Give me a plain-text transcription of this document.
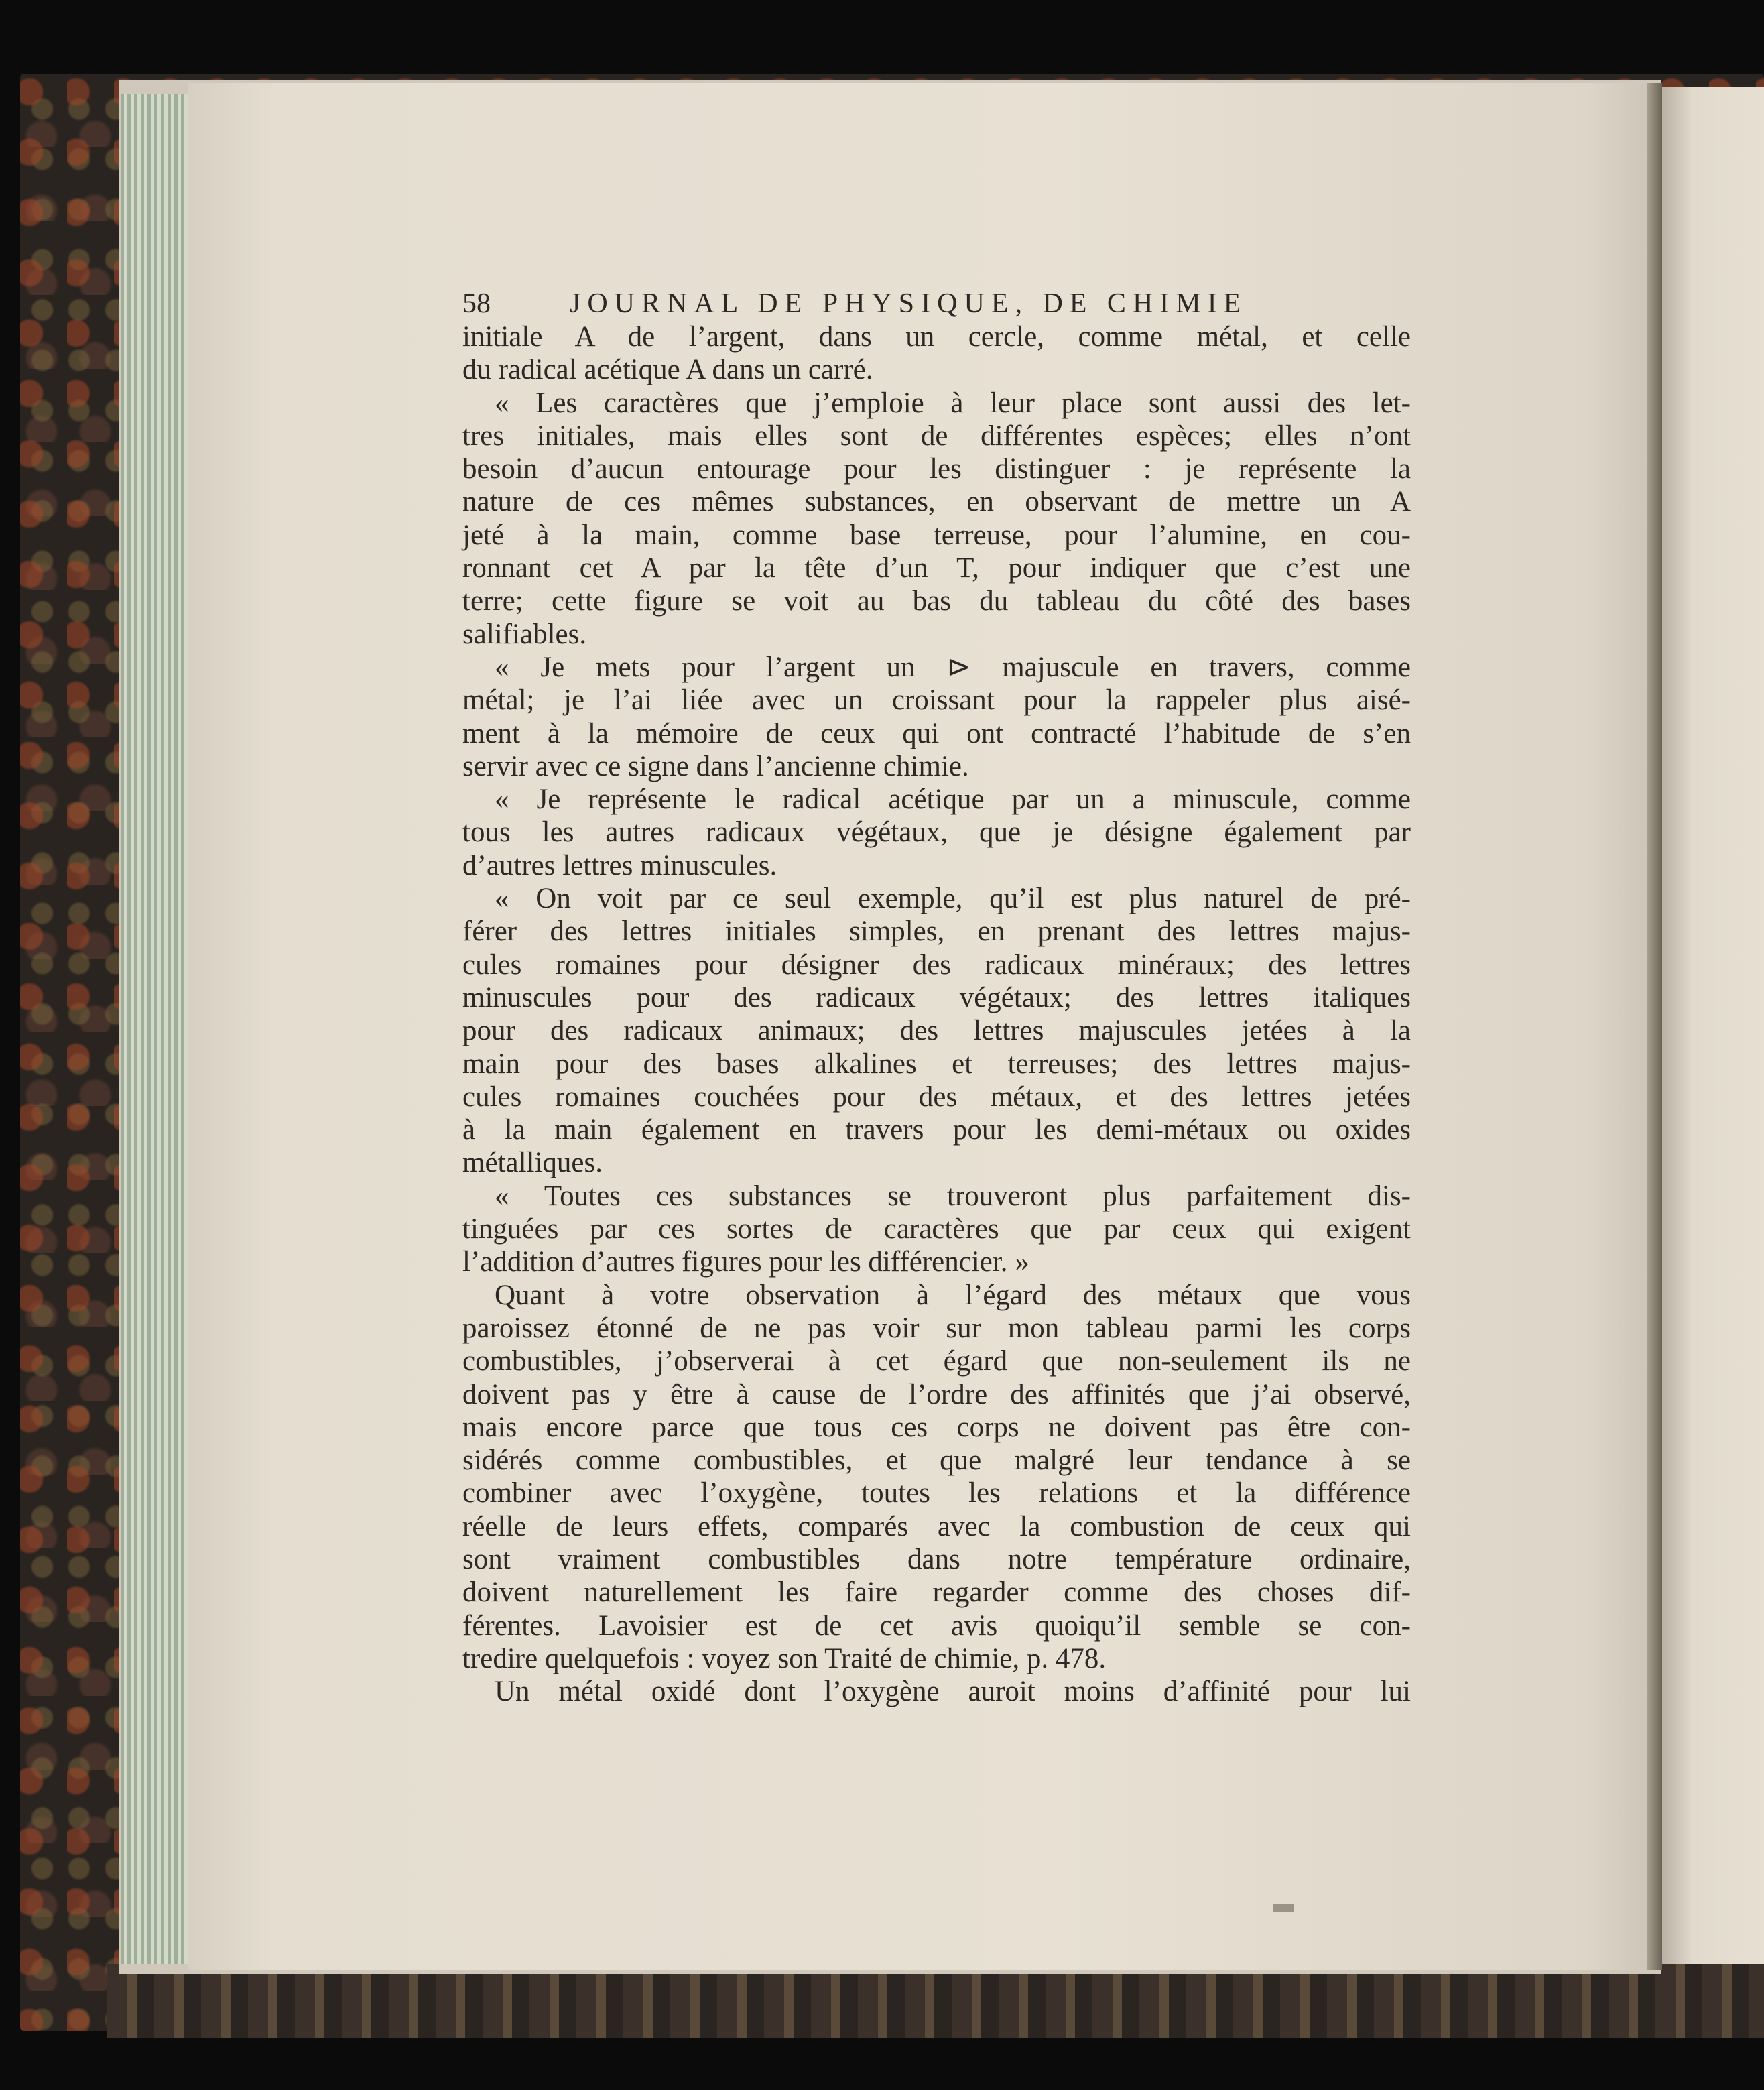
58	JOURNAL DE PHYSIQUE, DE CHIMIE
initiale A de l’argent, dans un cercle, comme métal, et celle
du radical acétique A dans un carré.
« Les caractères que j’emploie à leur place sont aussi des let-
tres initiales, mais elles sont de différentes espèces; elles n’ont
besoin d’aucun entourage pour les distinguer : je représente la
nature de ces mêmes substances, en observant de mettre un A
jeté à la main, comme base terreuse, pour l’alumine, en cou-
ronnant cet A par la tête d’un T, pour indiquer que c’est une
terre; cette figure se voit au bas du tableau du côté des bases
salifiables.
« Je mets pour l’argent un ⊳ majuscule en travers, comme
métal; je l’ai liée avec un croissant pour la rappeler plus aisé-
ment à la mémoire de ceux qui ont contracté l’habitude de s’en
servir avec ce signe dans l’ancienne chimie.
« Je représente le radical acétique par un a minuscule, comme
tous les autres radicaux végétaux, que je désigne également par
d’autres lettres minuscules.
« On voit par ce seul exemple, qu’il est plus naturel de pré-
férer des lettres initiales simples, en prenant des lettres majus-
cules romaines pour désigner des radicaux minéraux; des lettres
minuscules pour des radicaux végétaux; des lettres italiques
pour des radicaux animaux; des lettres majuscules jetées à la
main pour des bases alkalines et terreuses; des lettres majus-
cules romaines couchées pour des métaux, et des lettres jetées
à la main également en travers pour les demi-métaux ou oxides
métalliques.
« Toutes ces substances se trouveront plus parfaitement dis-
tinguées par ces sortes de caractères que par ceux qui exigent
l’addition d’autres figures pour les différencier. »
Quant à votre observation à l’égard des métaux que vous
paroissez étonné de ne pas voir sur mon tableau parmi les corps
combustibles, j’observerai à cet égard que non-seulement ils ne
doivent pas y être à cause de l’ordre des affinités que j’ai observé,
mais encore parce que tous ces corps ne doivent pas être con-
sidérés comme combustibles, et que malgré leur tendance à se
combiner avec l’oxygène, toutes les relations et la différence
réelle de leurs effets, comparés avec la combustion de ceux qui
sont vraiment combustibles dans notre température ordinaire,
doivent naturellement les faire regarder comme des choses dif-
férentes. Lavoisier est de cet avis quoiqu’il semble se con-
tredire quelquefois : voyez son Traité de chimie, p. 478.
Un métal oxidé dont l’oxygène auroit moins d’affinité pour lui
